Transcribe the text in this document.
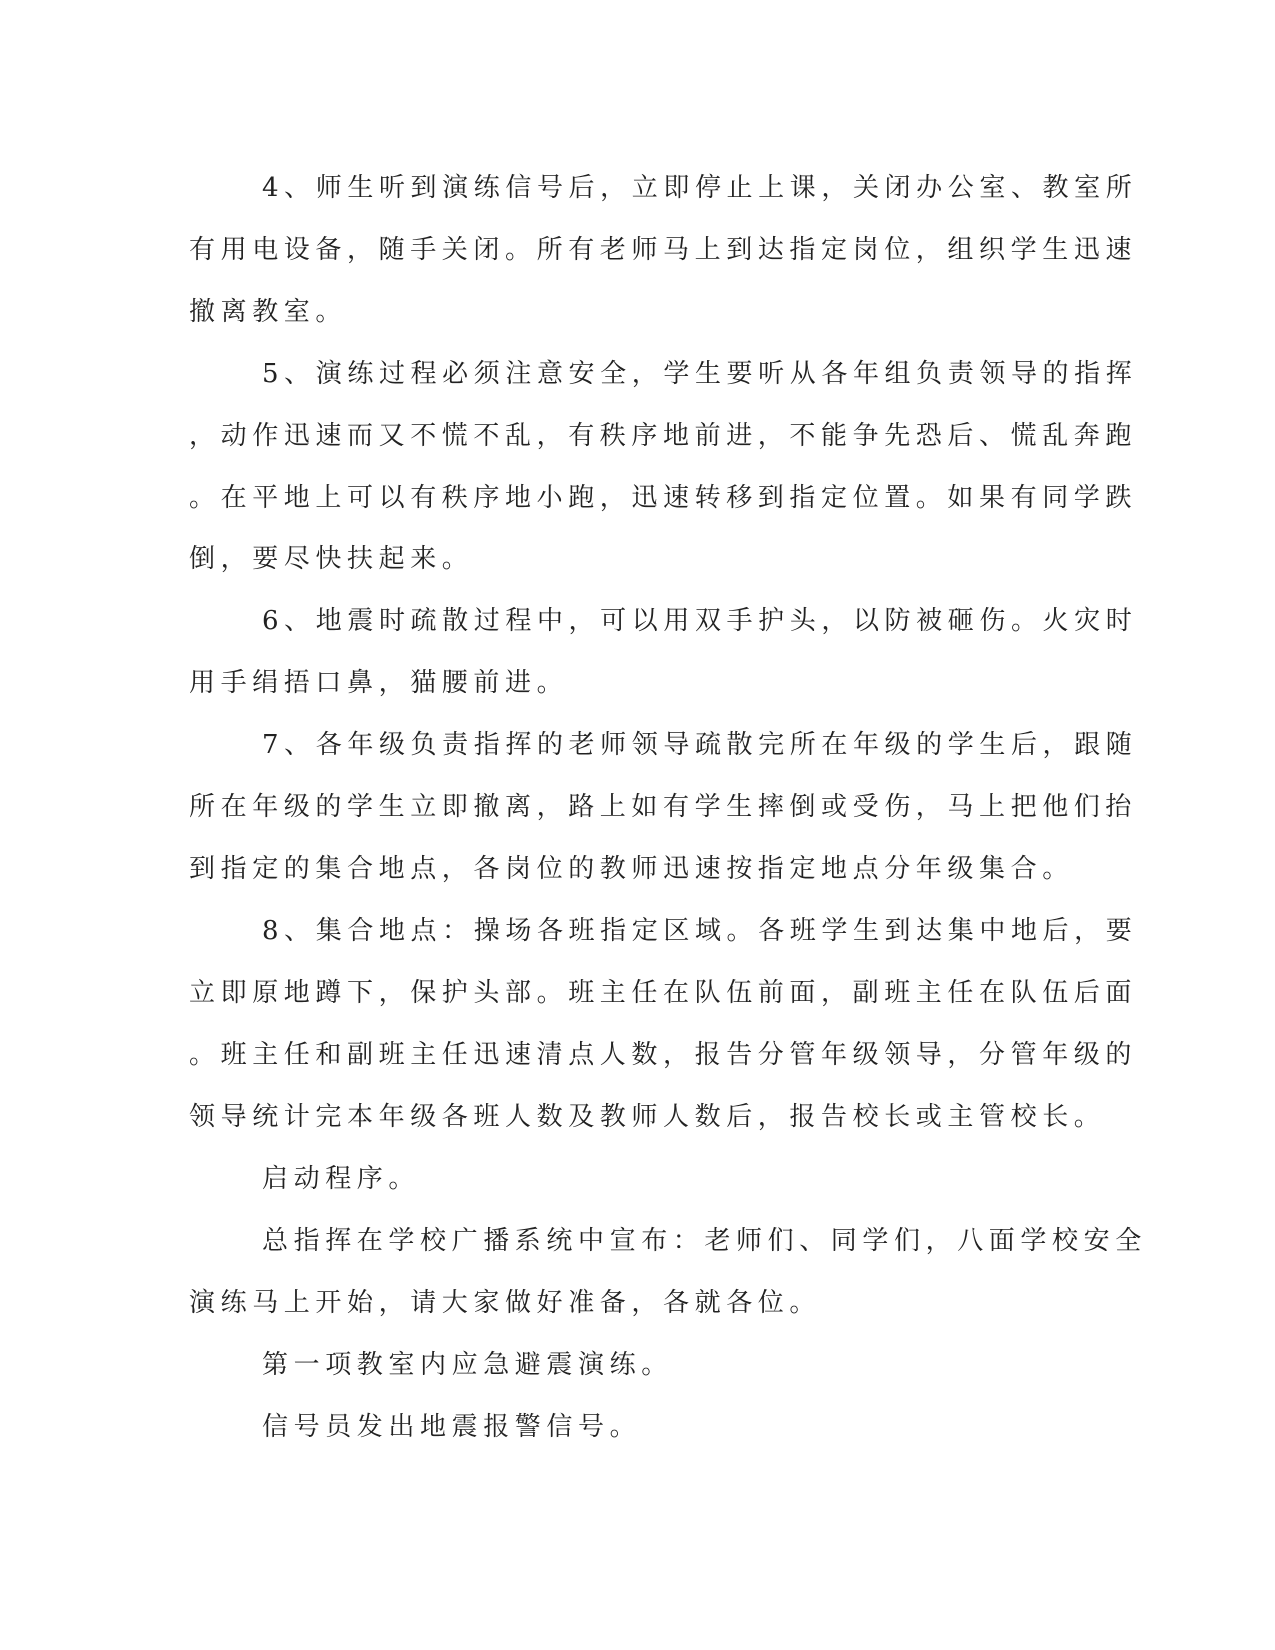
4、师生听到演练信号后，立即停止上课，关闭办公室、教室所

有用电设备，随手关闭。所有老师马上到达指定岗位，组织学生迅速

撤离教室。

5、演练过程必须注意安全，学生要听从各年组负责领导的指挥

，动作迅速而又不慌不乱，有秩序地前进，不能争先恐后、慌乱奔跑

。在平地上可以有秩序地小跑，迅速转移到指定位置。如果有同学跌

倒，要尽快扶起来。

6、地震时疏散过程中，可以用双手护头，以防被砸伤。火灾时

用手绢捂口鼻，猫腰前进。

7、各年级负责指挥的老师领导疏散完所在年级的学生后，跟随

所在年级的学生立即撤离，路上如有学生摔倒或受伤，马上把他们抬

到指定的集合地点，各岗位的教师迅速按指定地点分年级集合。

8、集合地点：操场各班指定区域。各班学生到达集中地后，要

立即原地蹲下，保护头部。班主任在队伍前面，副班主任在队伍后面

。班主任和副班主任迅速清点人数，报告分管年级领导，分管年级的

领导统计完本年级各班人数及教师人数后，报告校长或主管校长。

启动程序。

总指挥在学校广播系统中宣布：老师们、同学们，八面学校安全

演练马上开始，请大家做好准备，各就各位。

第一项教室内应急避震演练。

信号员发出地震报警信号。
